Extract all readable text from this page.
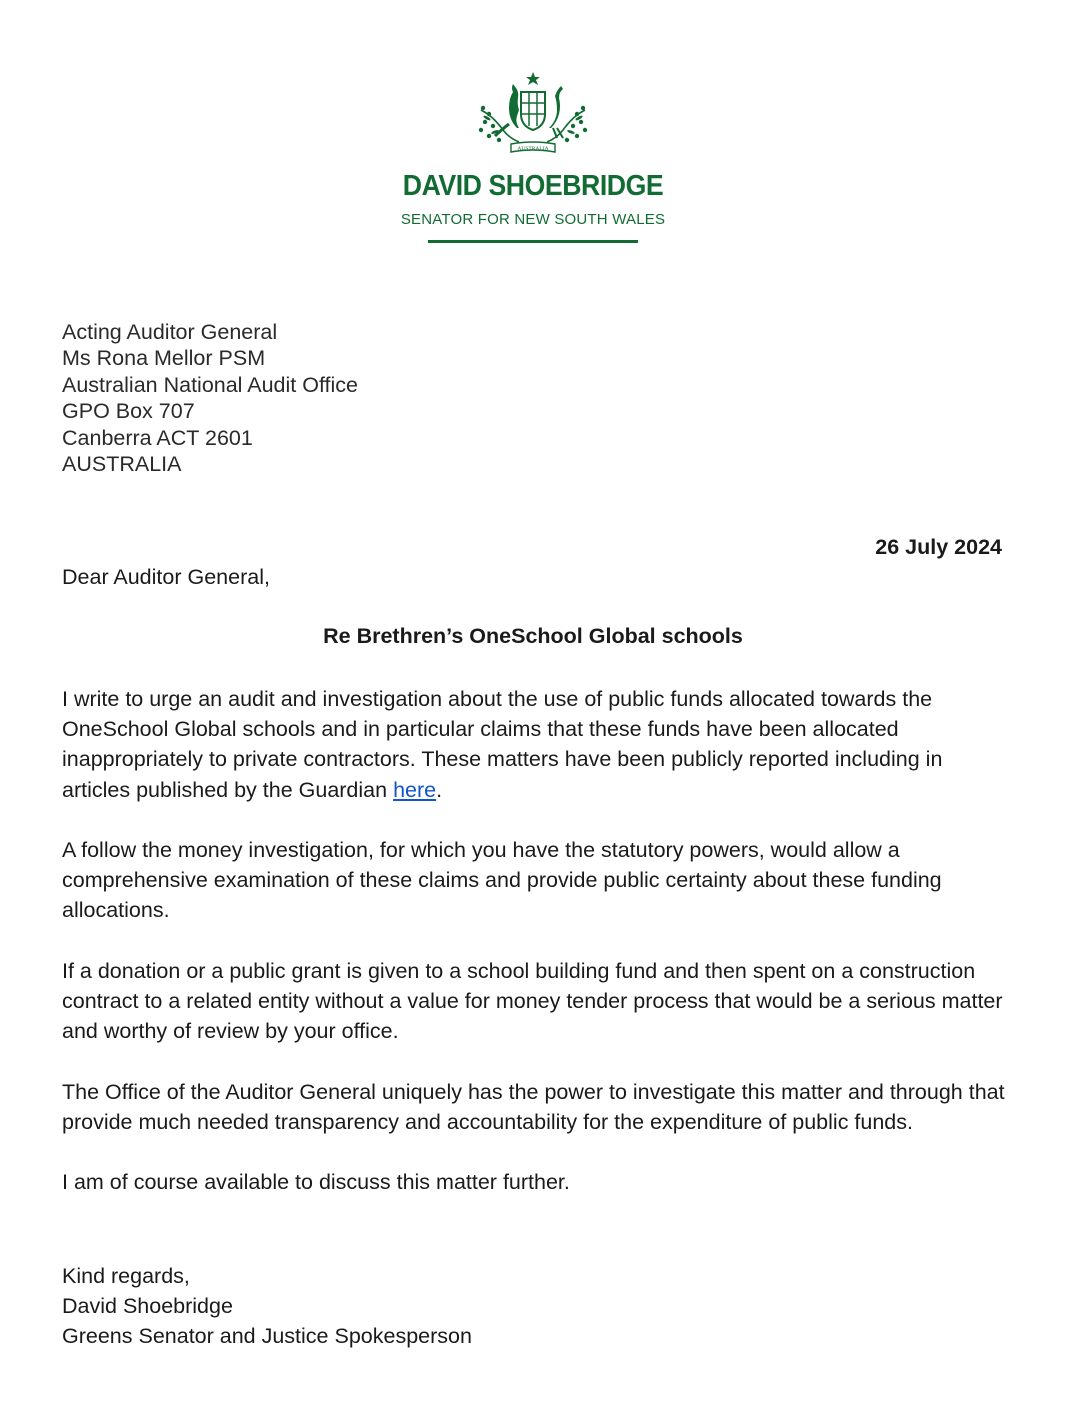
AUSTRALIA
DAVID SHOEBRIDGE
SENATOR FOR NEW SOUTH WALES
Acting Auditor General
Ms Rona Mellor PSM
Australian National Audit Office
GPO Box 707
Canberra ACT 2601
AUSTRALIA
26 July 2024
Dear Auditor General,
Re Brethren’s OneSchool Global schools

I write to urge an audit and investigation about the use of public funds allocated towards the OneSchool Global schools and in particular claims that these funds have been allocated inappropriately to private contractors. These matters have been publicly reported including in articles published by the Guardian here.

A follow the money investigation, for which you have the statutory powers, would allow a comprehensive examination of these claims and provide public certainty about these funding allocations.

If a donation or a public grant is given to a school building fund and then spent on a construction contract to a related entity without a value for money tender process that would be a serious matter and worthy of review by your office.

The Office of the Auditor General uniquely has the power to investigate this matter and through that provide much needed transparency and accountability for the expenditure of public funds.

I am of course available to discuss this matter further.

Kind regards,
David Shoebridge
Greens Senator and Justice Spokesperson
